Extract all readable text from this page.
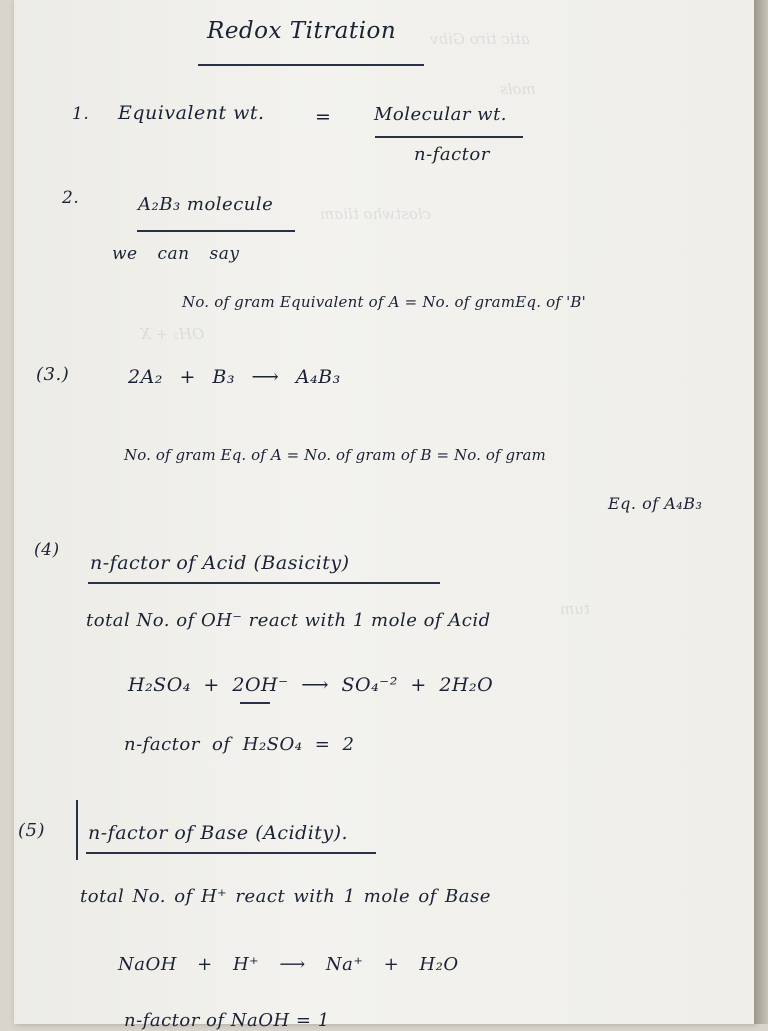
atic tiro Gibv
mols
clostwho tliam
OH₂ + X
tum
Redox Titration
1. Equivalent wt.	= Molecular wt.
n-factor
2.	A₂B₃ molecule
we can say
No. of gram Equivalent of A = No. of gramEq. of 'B'
(3.)	2A₂ + B₃ ⟶ A₄B₃
No. of gram Eq. of A = No. of gram of B = No. of gram
Eq. of A₄B₃
(4)
n-factor of Acid (Basicity)
total No. of OH⁻ react with 1 mole of Acid
H₂SO₄ + 2OH⁻ ⟶ SO₄⁻² + 2H₂O
n-factor of H₂SO₄ = 2
(5) n-factor of Base (Acidity).
total No. of H⁺ react with 1 mole of Base
NaOH + H⁺ ⟶ Na⁺ + H₂O
n-factor of NaOH = 1
